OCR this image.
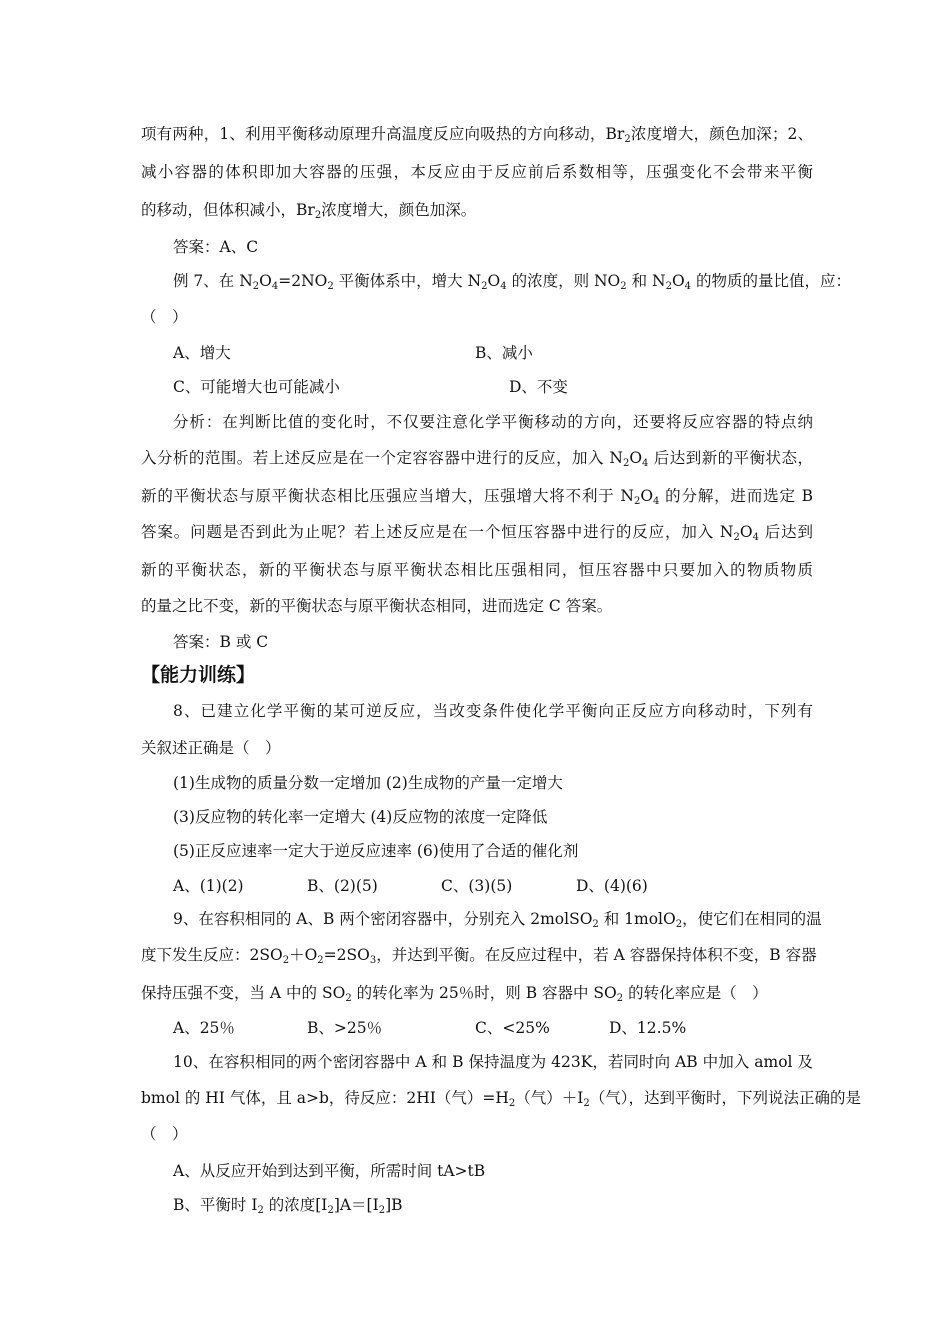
项有两种，1、利用平衡移动原理升高温度反应向吸热的方向移动，$Br_2$浓度增大，颜色加深；2、
减小容器的体积即加大容器的压强，本反应由于反应前后系数相等，压强变化不会带来平衡
的移动，但体积减小，$Br_2$浓度增大，颜色加深。
答案：A、C
例 7、在 $N_2O_4=2NO_2$ 平衡体系中，增大 $N_2O_4$ 的浓度，则 $NO_2$ 和 $N_2O_4$ 的物质的量比值，应：
（　）
A、增大	B、减小
C、可能增大也可能减小	D、不变
分析：在判断比值的变化时，不仅要注意化学平衡移动的方向，还要将反应容器的特点纳
入分析的范围。若上述反应是在一个定容容器中进行的反应，加入 $N_2O_4$ 后达到新的平衡状态，
新的平衡状态与原平衡状态相比压强应当增大，压强增大将不利于 $N_2O_4$ 的分解，进而选定 B
答案。问题是否到此为止呢？若上述反应是在一个恒压容器中进行的反应，加入 $N_2O_4$ 后达到
新的平衡状态，新的平衡状态与原平衡状态相比压强相同，恒压容器中只要加入的物质物质
的量之比不变，新的平衡状态与原平衡状态相同，进而选定 C 答案。
答案：B 或 C
【能力训练】
8、已建立化学平衡的某可逆反应，当改变条件使化学平衡向正反应方向移动时，下列有
关叙述正确是（　）
(1)生成物的质量分数一定增加 (2)生成物的产量一定增大
(3)反应物的转化率一定增大 (4)反应物的浓度一定降低
(5)正反应速率一定大于逆反应速率 (6)使用了合适的催化剂
A、(1)(2)	B、(2)(5)	C、(3)(5)	D、(4)(6)
9、在容积相同的 A、B 两个密闭容器中，分别充入 2molSO$_2$ 和 1molO$_2$，使它们在相同的温
度下发生反应：$2SO_2+O_2=2SO_3$，并达到平衡。在反应过程中，若 A 容器保持体积不变，B 容器
保持压强不变，当 A 中的 $SO_2$ 的转化率为 25％时，则 B 容器中 $SO_2$ 的转化率应是（　）
A、25％	B、>25％	C、<25%	D、12.5%
10、在容积相同的两个密闭容器中 A 和 B 保持温度为 423K，若同时向 AB 中加入 amol 及
bmol 的 HI 气体，且 a>b，待反应：2HI（气）$=H_2$（气）$+I_2$（气），达到平衡时，下列说法正确的是
（　）
A、从反应开始到达到平衡，所需时间 tA>tB
B、平衡时 $I_2$ 的浓度$[I_2]A=[I_2]B$
